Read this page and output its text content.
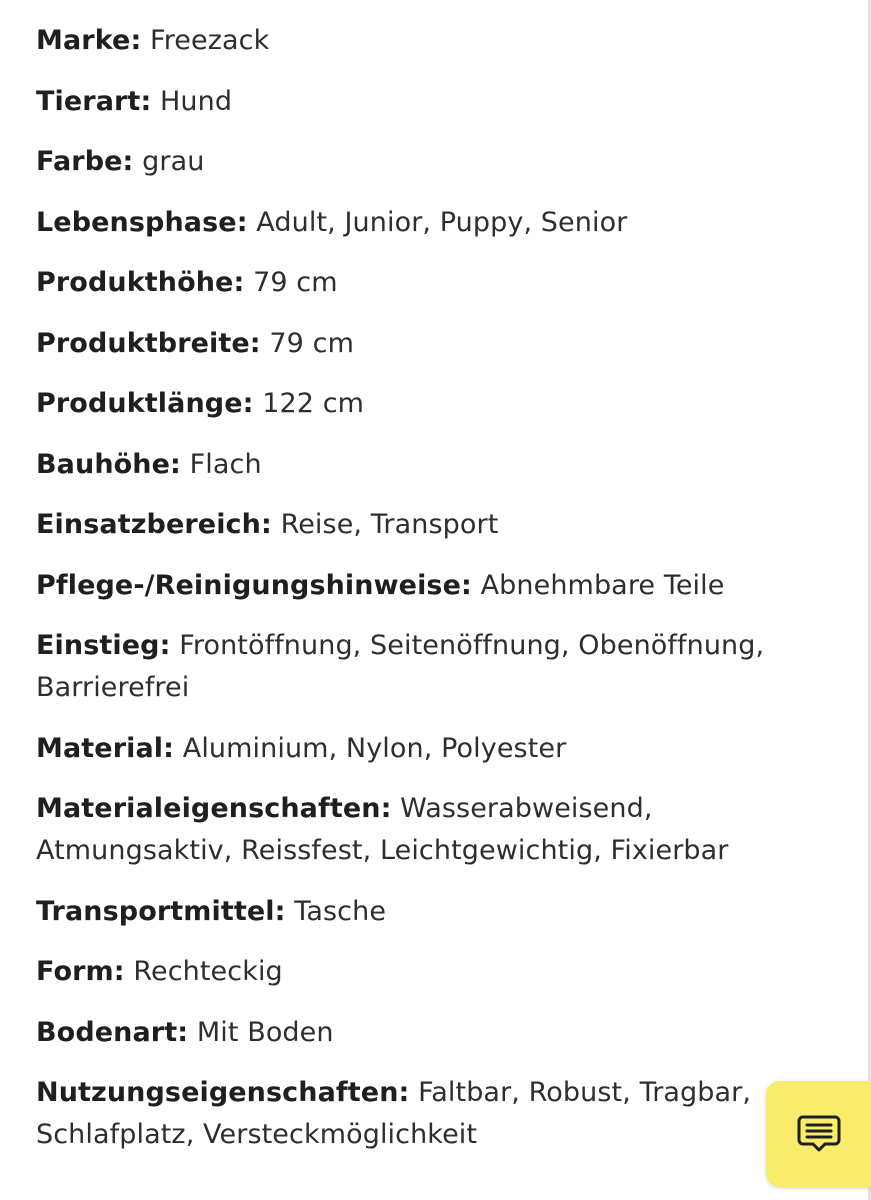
Marke: Freezack
Tierart: Hund
Farbe: grau
Lebensphase: Adult, Junior, Puppy, Senior
Produkthöhe: 79 cm
Produktbreite: 79 cm
Produktlänge: 122 cm
Bauhöhe: Flach
Einsatzbereich: Reise, Transport
Pflege-/Reinigungshinweise: Abnehmbare Teile
Einstieg: Frontöffnung, Seitenöffnung, Obenöffnung, Barrierefrei
Material: Aluminium, Nylon, Polyester
Materialeigenschaften: Wasserabweisend, Atmungsaktiv, Reissfest, Leichtgewichtig, Fixierbar
Transportmittel: Tasche
Form: Rechteckig
Bodenart: Mit Boden
Nutzungseigenschaften: Faltbar, Robust, Tragbar, Schlafplatz, Versteckmöglichkeit
